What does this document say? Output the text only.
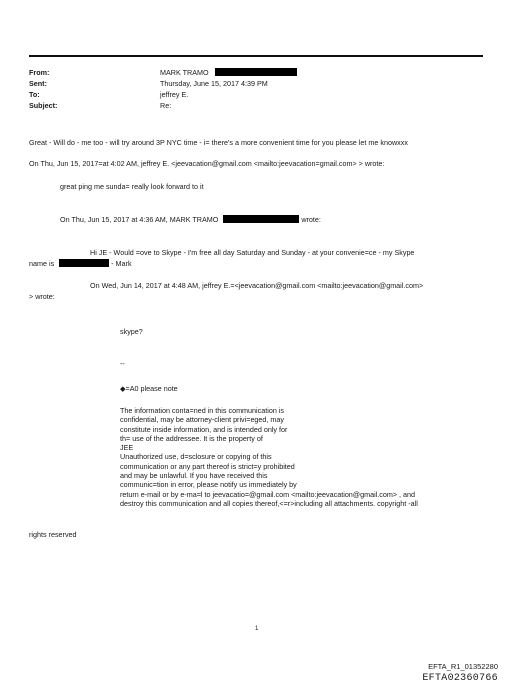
From:	MARK TRAMO
Sent:	Thursday, June 15, 2017 4:39 PM
To:	jeffrey E.
Subject:	Re:
Great - Will do - me too - will try around 3P NYC time - i= there's a more convenient time for you please let me knowxxx
On Thu, Jun 15, 2017=at 4:02 AM, jeffrey E. <jeevacation@gmail.com <mailto:jeevacation=gmail.com> > wrote:
great ping me sunda= really look forward to it
On Thu, Jun 15, 2017 at 4:36 AM, MARK TRAMO	wrote:
Hi JE - Would =ove to Skype - I'm free all day Saturday and Sunday - at your convenie=ce - my Skype
name is	- Mark
On Wed, Jun 14, 2017 at 4:48 AM, jeffrey E.=<jeevacation@gmail.com <mailto:jeevacation@gmail.com>
> wrote:
skype?
--
◆=A0 please note
The information conta=ned in this communication is
confidential, may be attorney-client privi=eged, may
constitute inside information, and is intended only for
th= use of the addressee. It is the property of
JEE
Unauthorized use, d=sclosure or copying of this
communication or any part thereof is strict=y prohibited
and may be unlawful. If you have received this
communic=tion in error, please notify us immediately by
return e-mail or by e-ma=l to jeevacatio=@gmail.com <mailto:jeevacation@gmail.com> , and
destroy this communication and all copies thereof,<=r>including all attachments. copyright -all
rights reserved
1
EFTA_R1_01352280
EFTA02360766
